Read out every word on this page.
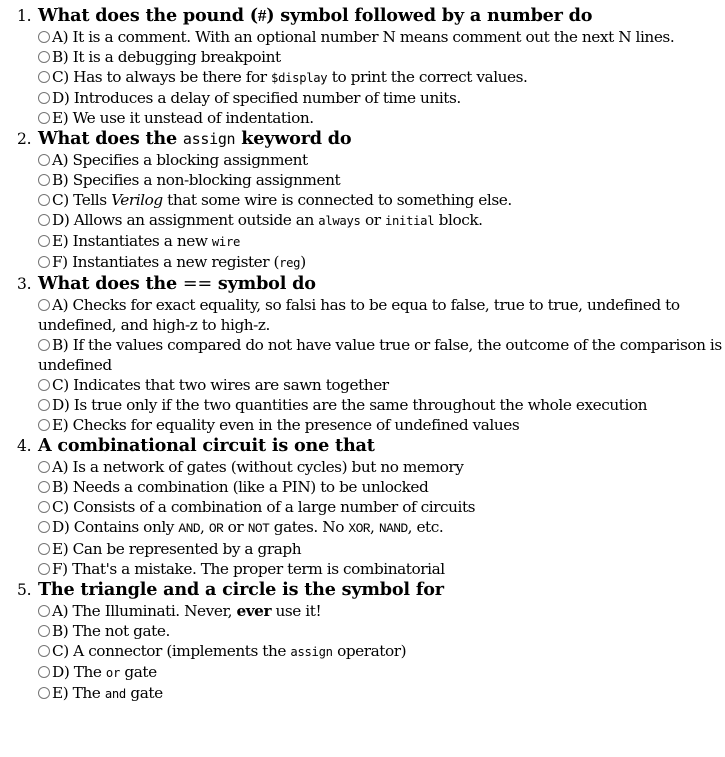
1. What does the pound (#) symbol followed by a number do
A) It is a comment. With an optional number N means comment out the next N lines.
B) It is a debugging breakpoint
C) Has to always be there for $display to print the correct values.
D) Introduces a delay of specified number of time units.
E) We use it unstead of indentation.
2. What does the assign keyword do
A) Specifies a blocking assignment
B) Specifies a non-blocking assignment
C) Tells Verilog that some wire is connected to something else.
D) Allows an assignment outside an always or initial block.
E) Instantiates a new wire
F) Instantiates a new register (reg)
3. What does the == symbol do
A) Checks for exact equality, so falsi has to be equa to false, true to true, undefined to undefined, and high-z to high-z.
B) If the values compared do not have value true or false, the outcome of the comparison is undefined
C) Indicates that two wires are sawn together
D) Is true only if the two quantities are the same throughout the whole execution
E) Checks for equality even in the presence of undefined values
4. A combinational circuit is one that
A) Is a network of gates (without cycles) but no memory
B) Needs a combination (like a PIN) to be unlocked
C) Consists of a combination of a large number of circuits
D) Contains only AND, OR or NOT gates. No XOR, NAND, etc.
E) Can be represented by a graph
F) That's a mistake. The proper term is combinatorial
5. The triangle and a circle is the symbol for
A) The Illuminati. Never, ever use it!
B) The not gate.
C) A connector (implements the assign operator)
D) The or gate
E) The and gate
